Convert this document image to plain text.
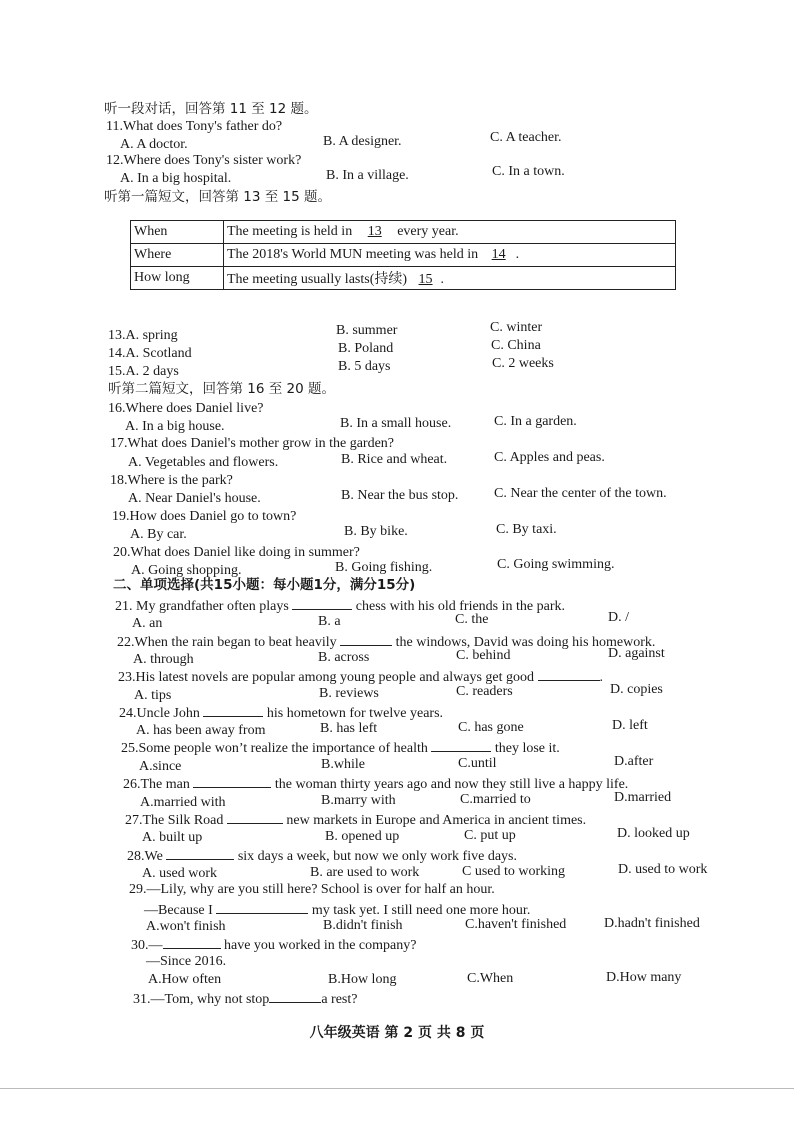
听一段对话，回答第 11 至 12 题。
11.What does Tony's father do?
A. A doctor.	B. A designer.	C. A teacher.
12.Where does Tony's sister work?
A. In a big hospital.	B. In a village.	C. In a town.
听第一篇短文，回答第 13 至 15 题。
When	The meeting is held in 13 every year.
Where	The 2018's World MUN meeting was held in 14 .
How long	The meeting usually lasts(持续) 15 .
13.A. spring	B. summer	C. winter
14.A. Scotland	B. Poland	C. China
15.A. 2 days	B. 5 days	C. 2 weeks
听第二篇短文，回答第 16 至 20 题。
16.Where does Daniel live?
A. In a big house.	B. In a small house.	C. In a garden.
17.What does Daniel's mother grow in the garden?
A. Vegetables and flowers.	B. Rice and wheat.	C. Apples and peas.
18.Where is the park?
A. Near Daniel's house.	B. Near the bus stop.	C. Near the center of the town.
19.How does Daniel go to town?
A. By car.	B. By bike.	C. By taxi.
20.What does Daniel like doing in summer?
A. Going shopping.	B. Going fishing.	C. Going swimming.
二、单项选择(共15小题：每小题1分，满分15分)
21. My grandfather often plays	chess with his old friends in the park.
A. an	B. a	C. the	D. /
22.When the rain began to beat heavily	the windows, David was doing his homework.
A. through	B. across	C. behind	D. against
23.His latest novels are popular among young people and always get good	.
A. tips	B. reviews	C. readers	D. copies
24.Uncle John	his hometown for twelve years.
A. has been away from	B. has left	C. has gone	D. left
25.Some people won’t realize the importance of health	they lose it.
A.since	B.while	C.until	D.after
26.The man	the woman thirty years ago and now they still live a happy life.
A.married with	B.marry with	C.married to	D.married
27.The Silk Road	new markets in Europe and America in ancient times.
A. built up	B. opened up	C. put up	D. looked up
28.We	six days a week, but now we only work five days.
A. used work	B. are used to work	C used to working	D. used to work
29.—Lily, why are you still here? School is over for half an hour.
—Because I	my task yet. I still need one more hour.
A.won't finish	B.didn't finish	C.haven't finished	D.hadn't finished
30.—	have you worked in the company?
—Since 2016.
A.How often	B.How long	C.When	D.How many
31.—Tom, why not stop	a rest?
八年级英语 第 2 页 共 8 页
